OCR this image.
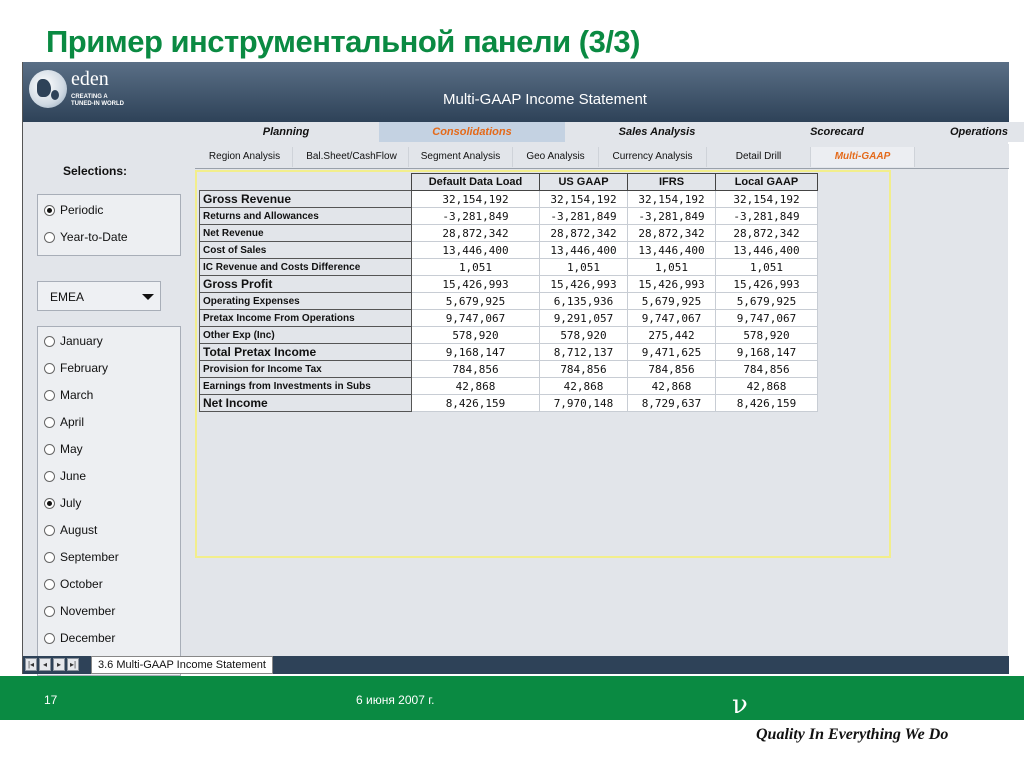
Пример инструментальной панели (3/3)
eden
CREATING A
TUNED-IN WORLD	Multi-GAAP Income Statement
Selections:
Periodic
Year-to-Date
EMEA
January
February
March
April
May
June
July
August
September
October
November
December
Planning	Consolidations	Sales Analysis	Scorecard	Operations
Region Analysis	Bal.Sheet/CashFlow	Segment Analysis	Geo Analysis	Currency Analysis	Detail Drill	Multi-GAAP
	Default Data Load	US GAAP	IFRS	Local GAAP
Gross Revenue	32,154,192	32,154,192	32,154,192	32,154,192
Returns and Allowances	-3,281,849	-3,281,849	-3,281,849	-3,281,849
Net Revenue	28,872,342	28,872,342	28,872,342	28,872,342
Cost of Sales	13,446,400	13,446,400	13,446,400	13,446,400
IC Revenue and Costs Difference	1,051	1,051	1,051	1,051
Gross Profit	15,426,993	15,426,993	15,426,993	15,426,993
Operating Expenses	5,679,925	6,135,936	5,679,925	5,679,925
Pretax Income From Operations	9,747,067	9,291,057	9,747,067	9,747,067
Other Exp (Inc)	578,920	578,920	275,442	578,920
Total Pretax Income	9,168,147	8,712,137	9,471,625	9,168,147
Provision for Income Tax	784,856	784,856	784,856	784,856
Earnings from Investments in Subs	42,868	42,868	42,868	42,868
Net Income	8,426,159	7,970,148	8,729,637	8,426,159
3.6 Multi-GAAP Income Statement
|◂	◂	▸	▸|
17	6 июня 2007 г.	ν
Quality In Everything We Do
